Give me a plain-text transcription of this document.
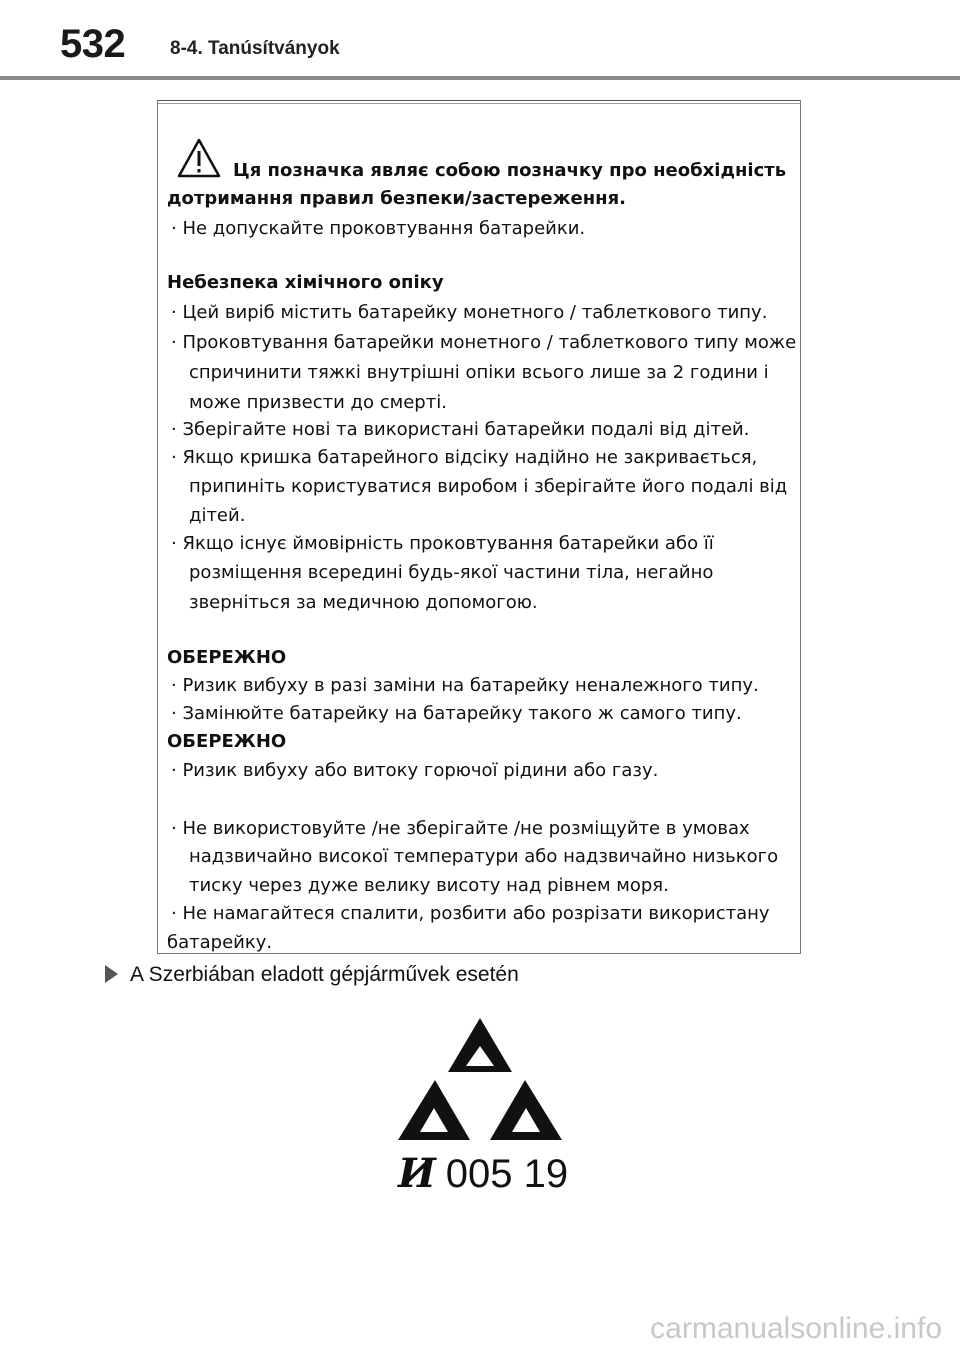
532 8-4. Tanúsítványok
Ця позначка являє собою позначку про необхідність
дотримання правил безпеки/застереження.
· Не допускайте проковтування батарейки.
Небезпека хімічного опіку
· Цей виріб містить батарейку монетного / таблеткового типу.
· Проковтування батарейки монетного / таблеткового типу може
спричинити тяжкі внутрішні опіки всього лише за 2 години і
може призвести до смерті.
· Зберігайте нові та використані батарейки подалі від дітей.
· Якщо кришка батарейного відсіку надійно не закривається,
припиніть користуватися виробом і зберігайте його подалі від
дітей.
· Якщо існує ймовірність проковтування батарейки або її
розміщення всередині будь-якої частини тіла, негайно
зверніться за медичною допомогою.
ОБЕРЕЖНО
· Ризик вибуху в разі заміни на батарейку неналежного типу.
· Замінюйте батарейку на батарейку такого ж самого типу.
ОБЕРЕЖНО
· Ризик вибуху або витоку горючої рідини або газу.
· Не використовуйте /не зберігайте /не розміщуйте в умовах
надзвичайно високої температури або надзвичайно низького
тиску через дуже велику висоту над рівнем моря.
· Не намагайтеся спалити, розбити або розрізати використану
батарейку.
A Szerbiában eladott gépjárművek esetén
И 005 19
carmanualsonline.info
